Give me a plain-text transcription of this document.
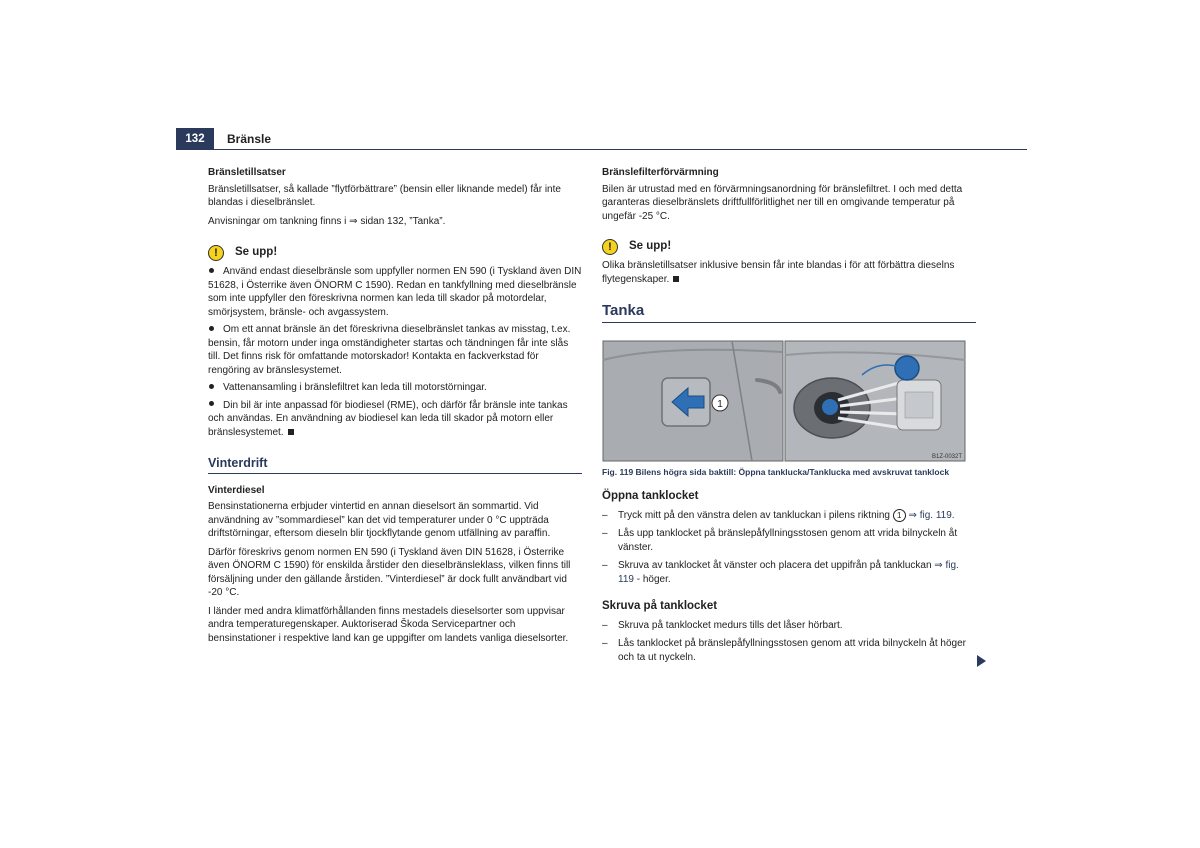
132	Bränsle
Bränsletillsatser

Bränsletillsatser, så kallade ”flytförbättrare” (bensin eller liknande medel) får inte blandas i dieselbränslet.

Anvisningar om tankning finns i ⇒ sidan 132, ”Tanka”.

!	Se upp!
Använd endast dieselbränsle som uppfyller normen EN 590 (i Tyskland även DIN 51628, i Österrike även ÖNORM C 1590). Redan en tankfyllning med dieselbränsle som inte uppfyller den föreskrivna normen kan leda till skador på motordelar, smörjsystem, bränsle- och avgassystem.
Om ett annat bränsle än det föreskrivna dieselbränslet tankas av misstag, t.ex. bensin, får motorn under inga omständigheter startas och tändningen får inte slås till. Det finns risk för omfattande motorskador! Kontakta en fackverkstad för rengöring av bränslesystemet.
Vattenansamling i bränslefiltret kan leda till motorstörningar.
Din bil är inte anpassad för biodiesel (RME), och därför får bränsle inte tankas och användas. En användning av biodiesel kan leda till skador på motorn eller bränslesystemet.
Vinterdrift
Vinterdiesel

Bensinstationerna erbjuder vintertid en annan dieselsort än sommartid. Vid användning av ”sommardiesel” kan det vid temperaturer under 0 °C uppträda driftstörningar, eftersom dieseln blir tjockflytande genom utfällning av paraffin.

Därför föreskrivs genom normen EN 590 (i Tyskland även DIN 51628, i Österrike även ÖNORM C 1590) för enskilda årstider den dieselbränsleklass, vilken finns till försäljning under den gällande årstiden. ”Vinterdiesel” är dock fullt användbart vid -20 °C.

I länder med andra klimatförhållanden finns mestadels dieselsorter som uppvisar andra temperaturegenskaper. Auktoriserad Škoda Servicepartner och bensinstationer i respektive land kan ge uppgifter om landets vanliga dieselsorter.

Bränslefilterförvärmning

Bilen är utrustad med en förvärmningsanordning för bränslefiltret. I och med detta garanteras dieselbränslets driftfullförlitlighet ner till en omgivande temperatur på ungefär -25 °C.

!	Se upp!

Olika bränsletillsatser inklusive bensin får inte blandas i för att förbättra dieselns flytegenskaper.

Tanka
1
B1Z-0032T
Fig. 119 Bilens högra sida baktill: Öppna tanklucka/Tanklucka med avskruvat tanklock
Öppna tanklocket
– Tryck mitt på den vänstra delen av tankluckan i pilens riktning 1 ⇒ fig. 119.
– Lås upp tanklocket på bränslepåfyllningsstosen genom att vrida bilnyckeln åt vänster.
– Skruva av tanklocket åt vänster och placera det uppifrån på tankluckan ⇒ fig. 119 - höger.
Skruva på tanklocket
– Skruva på tanklocket medurs tills det låser hörbart.
– Lås tanklocket på bränslepåfyllningsstosen genom att vrida bilnyckeln åt höger och ta ut nyckeln.
